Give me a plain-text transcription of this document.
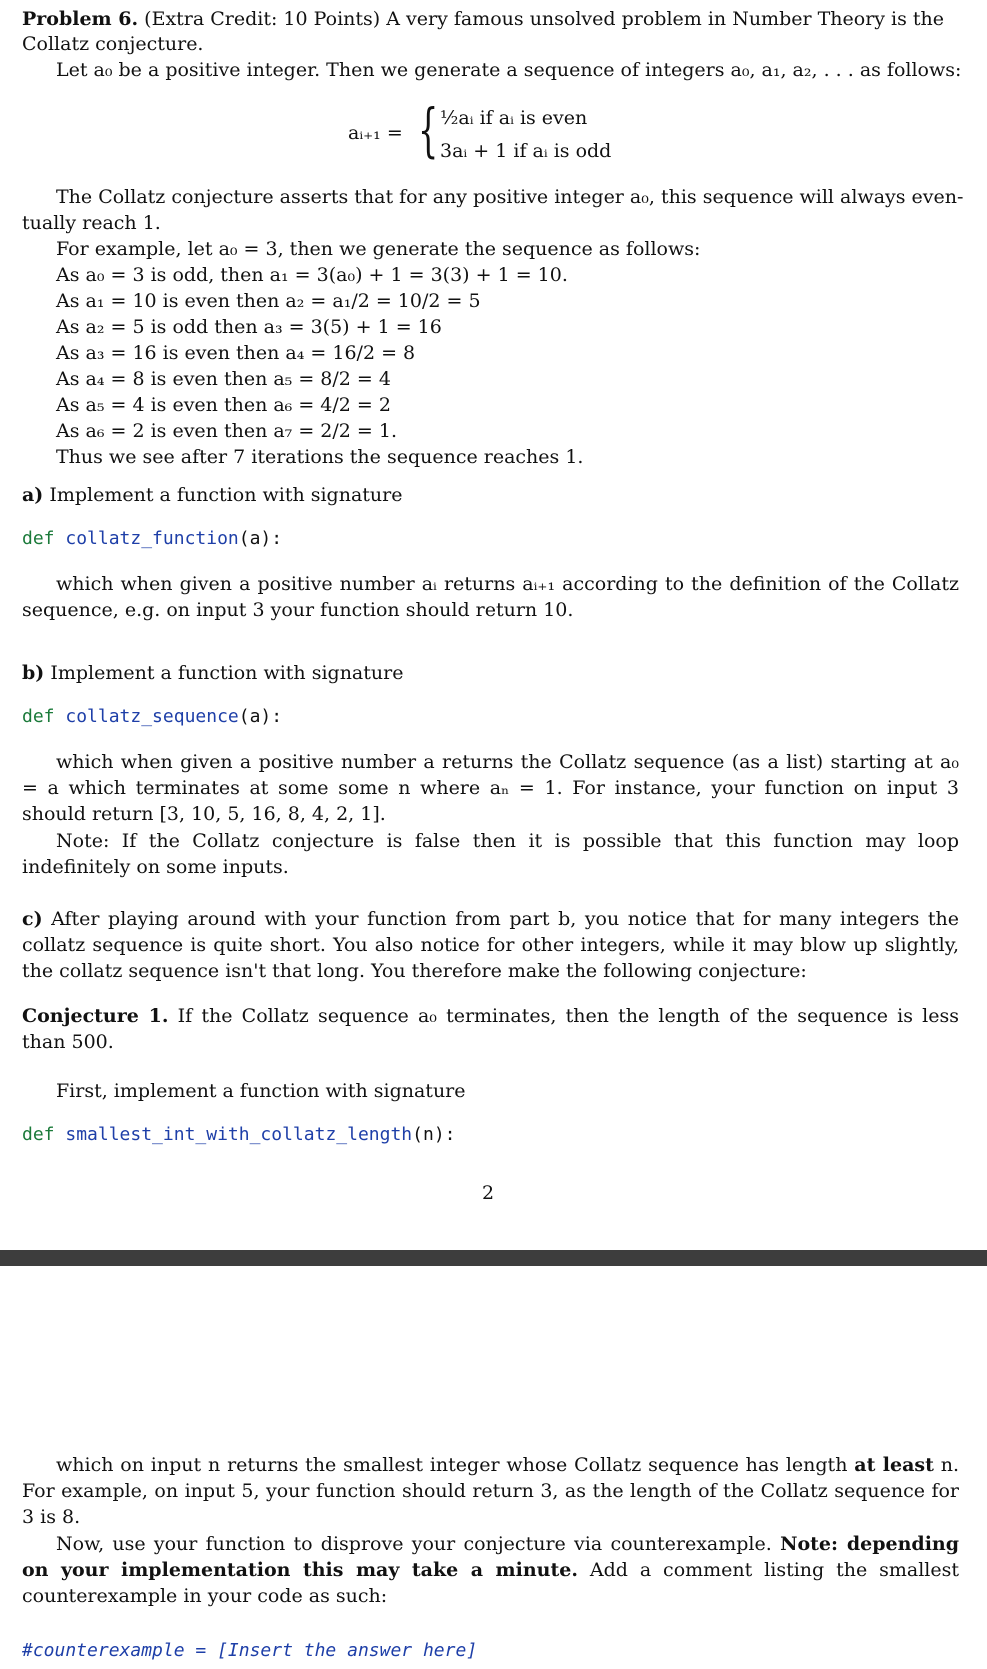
Problem 6. (Extra Credit: 10 Points) A very famous unsolved problem in Number Theory is the
Collatz conjecture.
Let a₀ be a positive integer. Then we generate a sequence of integers a₀, a₁, a₂, . . . as follows:
aᵢ₊₁ = { ½aᵢ if aᵢ is even
3aᵢ + 1 if aᵢ is odd
The Collatz conjecture asserts that for any positive integer a₀, this sequence will always even-
tually reach 1.
For example, let a₀ = 3, then we generate the sequence as follows:
As a₀ = 3 is odd, then a₁ = 3(a₀) + 1 = 3(3) + 1 = 10.
As a₁ = 10 is even then a₂ = a₁/2 = 10/2 = 5
As a₂ = 5 is odd then a₃ = 3(5) + 1 = 16
As a₃ = 16 is even then a₄ = 16/2 = 8
As a₄ = 8 is even then a₅ = 8/2 = 4
As a₅ = 4 is even then a₆ = 4/2 = 2
As a₆ = 2 is even then a₇ = 2/2 = 1.
Thus we see after 7 iterations the sequence reaches 1.
a) Implement a function with signature
def collatz_function(a):
which when given a positive number aᵢ returns aᵢ₊₁ according to the definition of the Collatz sequence, e.g. on input 3 your function should return 10.
b) Implement a function with signature
def collatz_sequence(a):
which when given a positive number a returns the Collatz sequence (as a list) starting at a₀ = a which terminates at some some n where aₙ = 1. For instance, your function on input 3 should return [3, 10, 5, 16, 8, 4, 2, 1].
Note: If the Collatz conjecture is false then it is possible that this function may loop indefinitely on some inputs.
c) After playing around with your function from part b, you notice that for many integers the collatz sequence is quite short. You also notice for other integers, while it may blow up slightly, the collatz sequence isn't that long. You therefore make the following conjecture:
Conjecture 1. If the Collatz sequence a₀ terminates, then the length of the sequence is less than 500.
First, implement a function with signature
def smallest_int_with_collatz_length(n):
2
which on input n returns the smallest integer whose Collatz sequence has length at least n. For example, on input 5, your function should return 3, as the length of the Collatz sequence for 3 is 8.
Now, use your function to disprove your conjecture via counterexample. Note: depending on your implementation this may take a minute. Add a comment listing the smallest counterexample in your code as such:
#counterexample = [Insert the answer here]
